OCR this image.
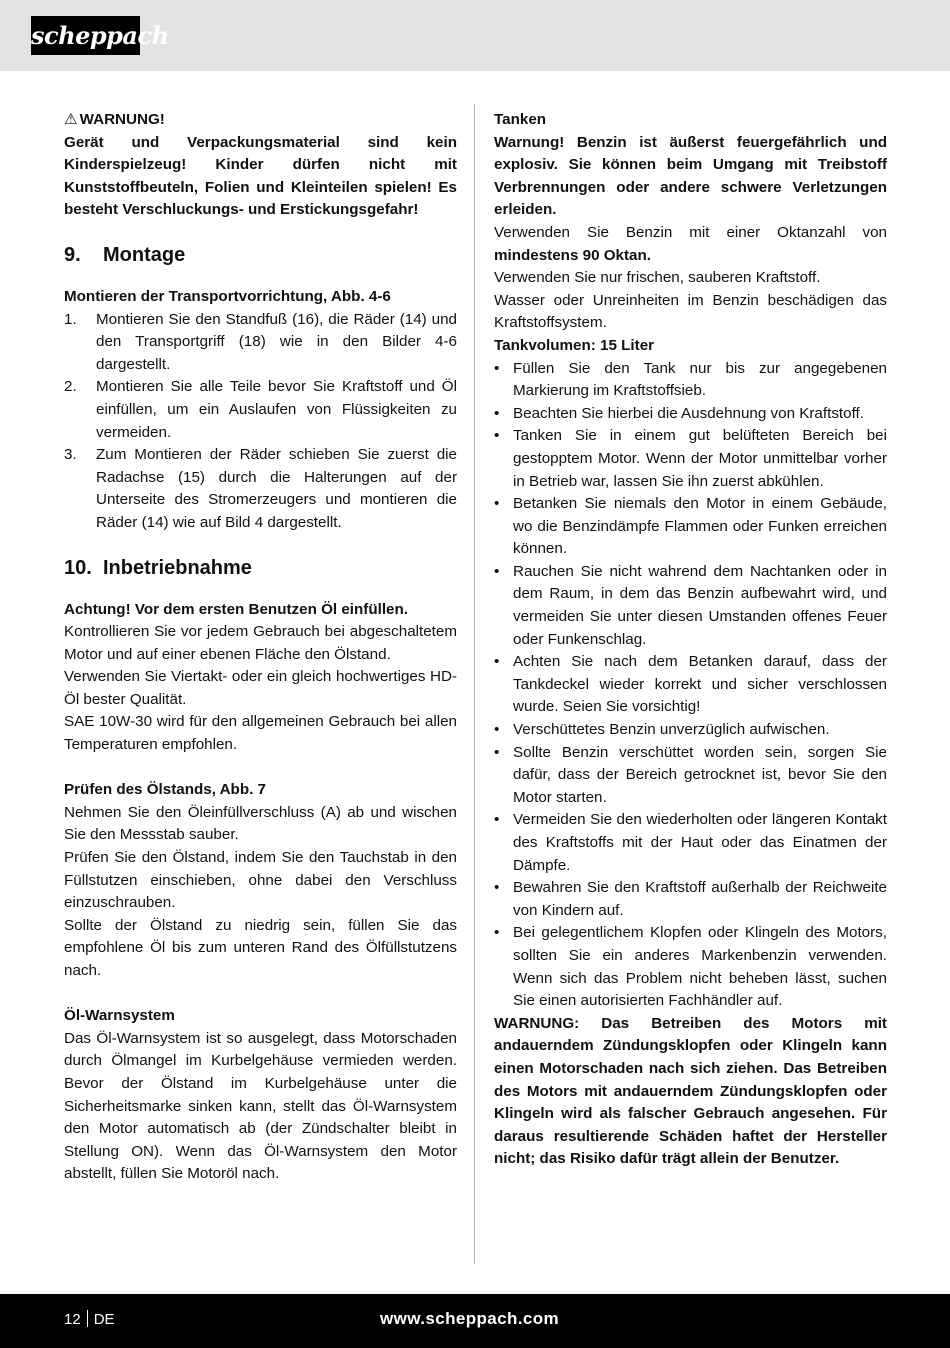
scheppach

⚠ WARNUNG!

Gerät und Verpackungsmaterial sind kein Kinderspielzeug! Kinder dürfen nicht mit Kunststoffbeuteln, Folien und Kleinteilen spielen! Es besteht Verschluckungs- und Erstickungsgefahr!

9. Montage

Montieren der Transportvorrichtung, Abb. 4-6

1. Montieren Sie den Standfuß (16), die Räder (14) und den Transportgriff (18) wie in den Bilder 4-6 dargestellt.
2. Montieren Sie alle Teile bevor Sie Kraftstoff und Öl einfüllen, um ein Auslaufen von Flüssigkeiten zu vermeiden.
3. Zum Montieren der Räder schieben Sie zuerst die Radachse (15) durch die Halterungen auf der Unterseite des Stromerzeugers und montieren die Räder (14) wie auf Bild 4 dargestellt.
10. Inbetriebnahme

Achtung! Vor dem ersten Benutzen Öl einfüllen.

Kontrollieren Sie vor jedem Gebrauch bei abgeschaltetem Motor und auf einer ebenen Fläche den Ölstand.

Verwenden Sie Viertakt- oder ein gleich hochwertiges HD-Öl bester Qualität.

SAE 10W-30 wird für den allgemeinen Gebrauch bei allen Temperaturen empfohlen.

Prüfen des Ölstands, Abb. 7

Nehmen Sie den Öleinfüllverschluss (A) ab und wischen Sie den Messstab sauber.

Prüfen Sie den Ölstand, indem Sie den Tauchstab in den Füllstutzen einschieben, ohne dabei den Verschluss einzuschrauben.

Sollte der Ölstand zu niedrig sein, füllen Sie das empfohlene Öl bis zum unteren Rand des Ölfüllstutzens nach.

Öl-Warnsystem

Das Öl-Warnsystem ist so ausgelegt, dass Motorschaden durch Ölmangel im Kurbelgehäuse vermieden werden. Bevor der Ölstand im Kurbelgehäuse unter die Sicherheitsmarke sinken kann, stellt das Öl-Warnsystem den Motor automatisch ab (der Zündschalter bleibt in Stellung ON). Wenn das Öl-Warnsystem den Motor abstellt, füllen Sie Motoröl nach.

Tanken

Warnung! Benzin ist äußerst feuergefährlich und explosiv. Sie können beim Umgang mit Treibstoff Verbrennungen oder andere schwere Verletzungen erleiden.

Verwenden Sie Benzin mit einer Oktanzahl von mindestens 90 Oktan.

Verwenden Sie nur frischen, sauberen Kraftstoff.

Wasser oder Unreinheiten im Benzin beschädigen das Kraftstoffsystem.

Tankvolumen: 15 Liter

• Füllen Sie den Tank nur bis zur angegebenen Markierung im Kraftstoffsieb.
• Beachten Sie hierbei die Ausdehnung von Kraftstoff.
• Tanken Sie in einem gut belüfteten Bereich bei gestopptem Motor. Wenn der Motor unmittelbar vorher in Betrieb war, lassen Sie ihn zuerst abkühlen.
• Betanken Sie niemals den Motor in einem Gebäude, wo die Benzindämpfe Flammen oder Funken erreichen können.
• Rauchen Sie nicht wahrend dem Nachtanken oder in dem Raum, in dem das Benzin aufbewahrt wird, und vermeiden Sie unter diesen Umstanden offenes Feuer oder Funkenschlag.
• Achten Sie nach dem Betanken darauf, dass der Tankdeckel wieder korrekt und sicher verschlossen wurde. Seien Sie vorsichtig!
• Verschüttetes Benzin unverzüglich aufwischen.
• Sollte Benzin verschüttet worden sein, sorgen Sie dafür, dass der Bereich getrocknet ist, bevor Sie den Motor starten.
• Vermeiden Sie den wiederholten oder längeren Kontakt des Kraftstoffs mit der Haut oder das Einatmen der Dämpfe.
• Bewahren Sie den Kraftstoff außerhalb der Reichweite von Kindern auf.
• Bei gelegentlichem Klopfen oder Klingeln des Motors, sollten Sie ein anderes Markenbenzin verwenden. Wenn sich das Problem nicht beheben lässt, suchen Sie einen autorisierten Fachhändler auf.

WARNUNG: Das Betreiben des Motors mit andauerndem Zündungsklopfen oder Klingeln kann einen Motorschaden nach sich ziehen. Das Betreiben des Motors mit andauerndem Zündungsklopfen oder Klingeln wird als falscher Gebrauch angesehen. Für daraus resultierende Schäden haftet der Hersteller nicht; das Risiko dafür trägt allein der Benutzer.

12 DE	www.scheppach.com
